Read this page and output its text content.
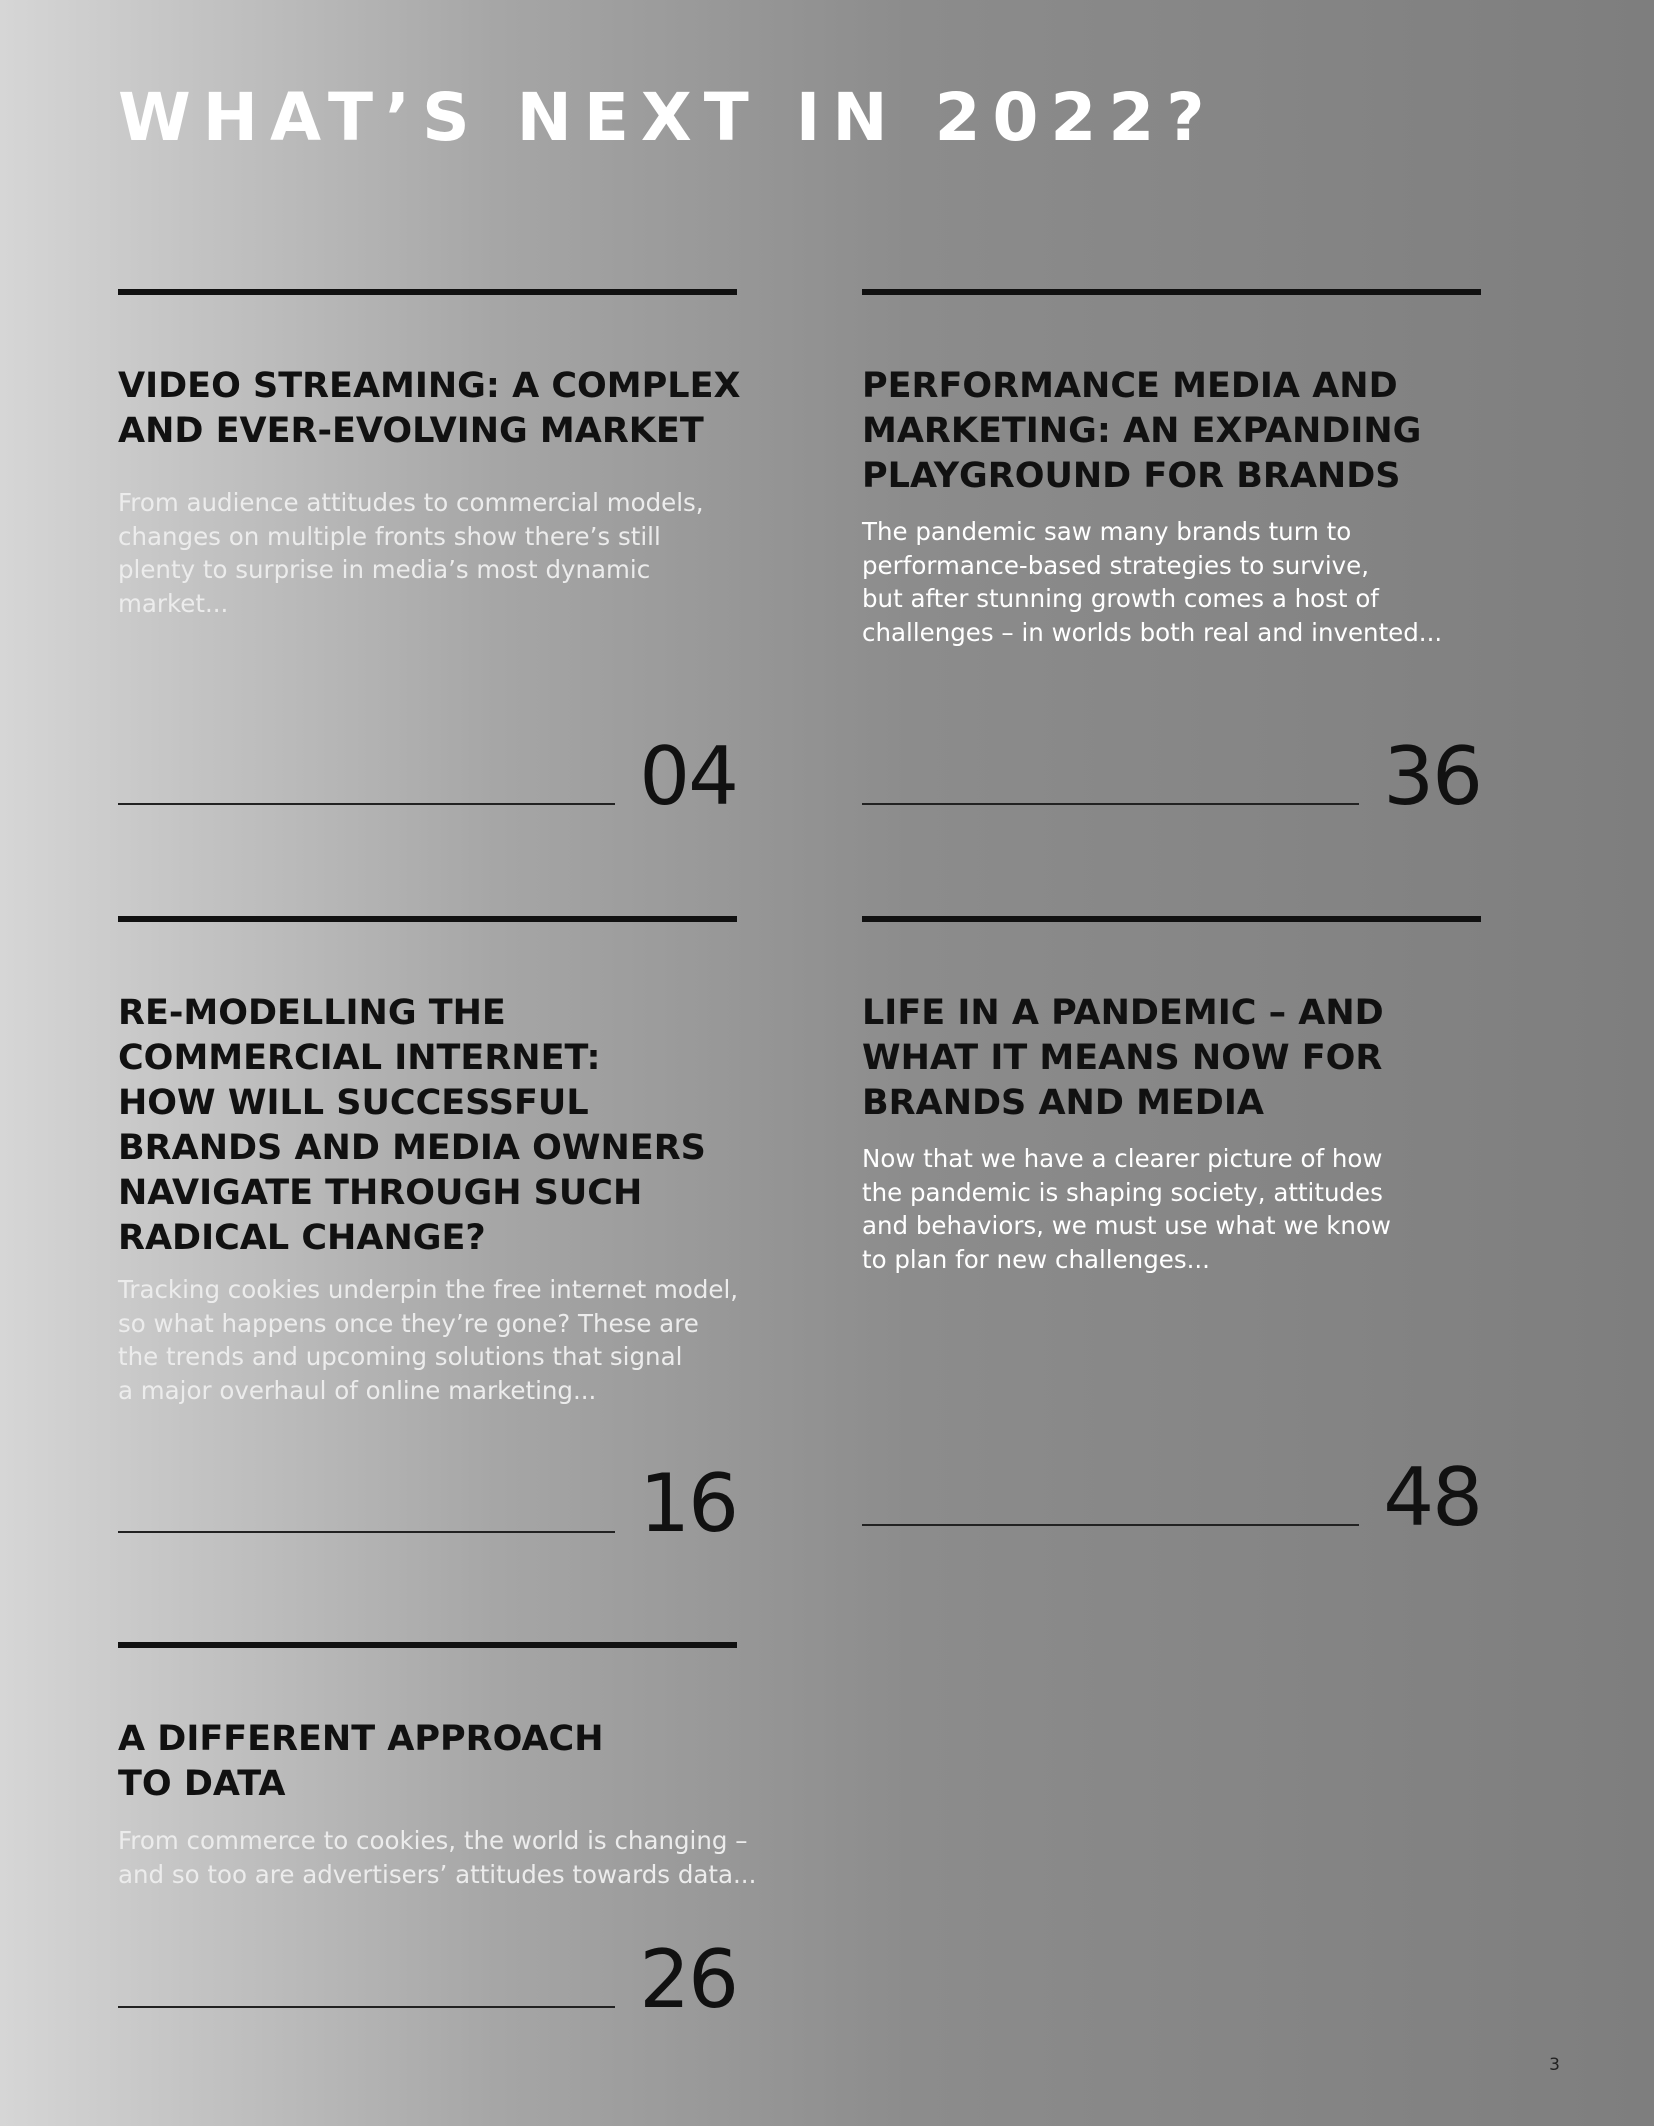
WHAT’S NEXT IN 2022?
VIDEO STREAMING: A COMPLEX
AND EVER-EVOLVING MARKET

From audience attitudes to commercial models,
changes on multiple fronts show there’s still
plenty to surprise in media’s most dynamic
market...

04
PERFORMANCE MEDIA AND
MARKETING: AN EXPANDING
PLAYGROUND FOR BRANDS

The pandemic saw many brands turn to
performance-based strategies to survive,
but after stunning growth comes a host of
challenges – in worlds both real and invented...

36
RE-MODELLING THE
COMMERCIAL INTERNET:
HOW WILL SUCCESSFUL
BRANDS AND MEDIA OWNERS
NAVIGATE THROUGH SUCH
RADICAL CHANGE?

Tracking cookies underpin the free internet model,
so what happens once they’re gone? These are
the trends and upcoming solutions that signal
a major overhaul of online marketing...

16
LIFE IN A PANDEMIC – AND
WHAT IT MEANS NOW FOR
BRANDS AND MEDIA

Now that we have a clearer picture of how
the pandemic is shaping society, attitudes
and behaviors, we must use what we know
to plan for new challenges...

48
A DIFFERENT APPROACH
TO DATA

From commerce to cookies, the world is changing –
and so too are advertisers’ attitudes towards data...

26
3
